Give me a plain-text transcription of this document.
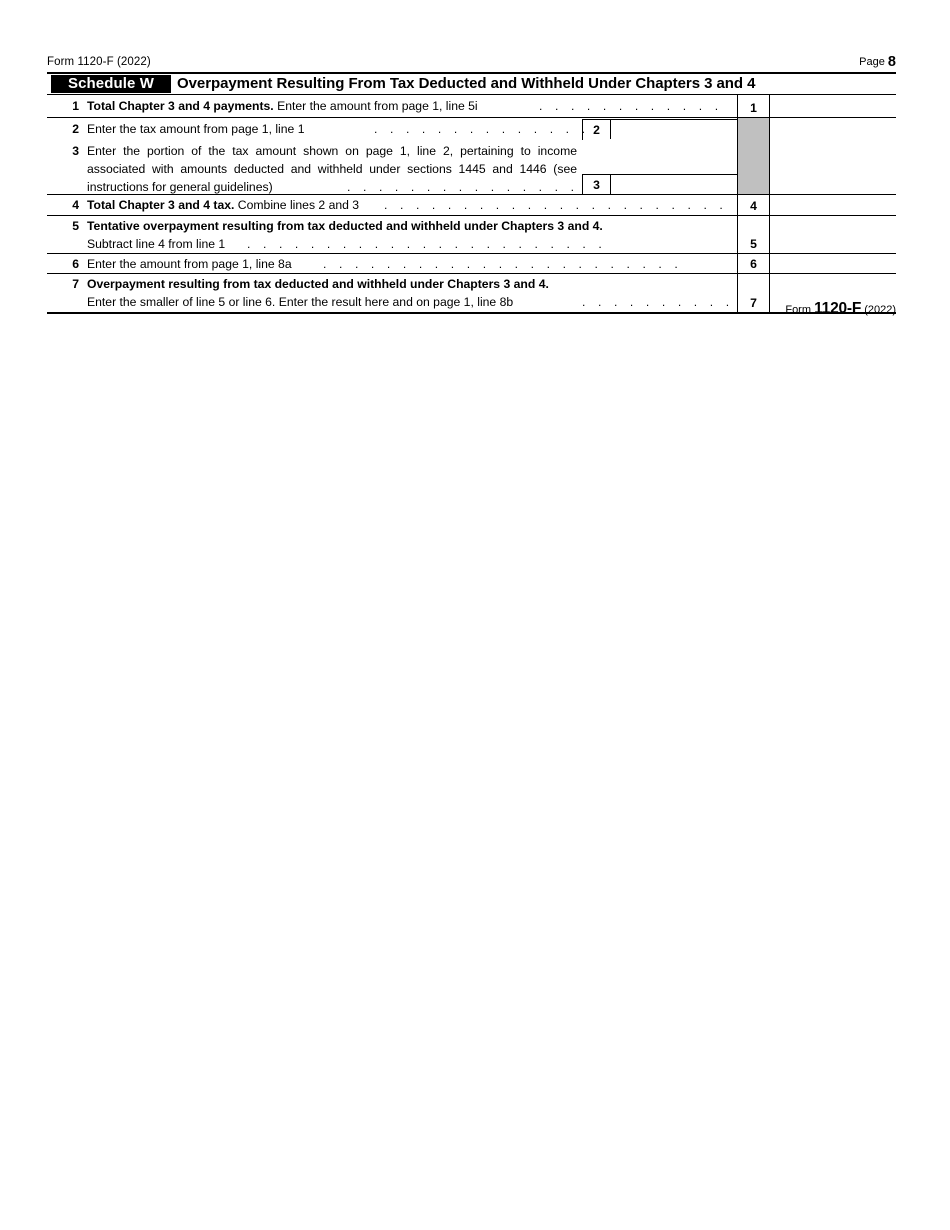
Form 1120-F (2022)	Page 8
Schedule W	Overpayment Resulting From Tax Deducted and Withheld Under Chapters 3 and 4
1 Total Chapter 3 and 4 payments. Enter the amount from page 1, line 5i	. . . . . . . . . . . .	1
2 Enter the tax amount from page 1, line 1	. . . . . . . . . . . . . . 2
3 Enter the portion of the tax amount shown on page 1, line 2, pertaining to income
associated with amounts deducted and withheld under sections 1445 and 1446 (see
instructions for general guidelines)	. . . . . . . . . . . . . . .	3
4 Total Chapter 3 and 4 tax. Combine lines 2 and 3 . . . . . . . . . . . . . . . . . . . . . .	4
5 Tentative overpayment resulting from tax deducted and withheld under Chapters 3 and 4.
Subtract line 4 from line 1 . . . . . . . . . . . . . . . . . . . . . . .	5
6 Enter the amount from page 1, line 8a	. . . . . . . . . . . . . . . . . . . . . . .	6
7 Overpayment resulting from tax deducted and withheld under Chapters 3 and 4.
Enter the smaller of line 5 or line 6. Enter the result here and on page 1, line 8b	. . . . . . . . . .	7	Form 1120-F (2022)
